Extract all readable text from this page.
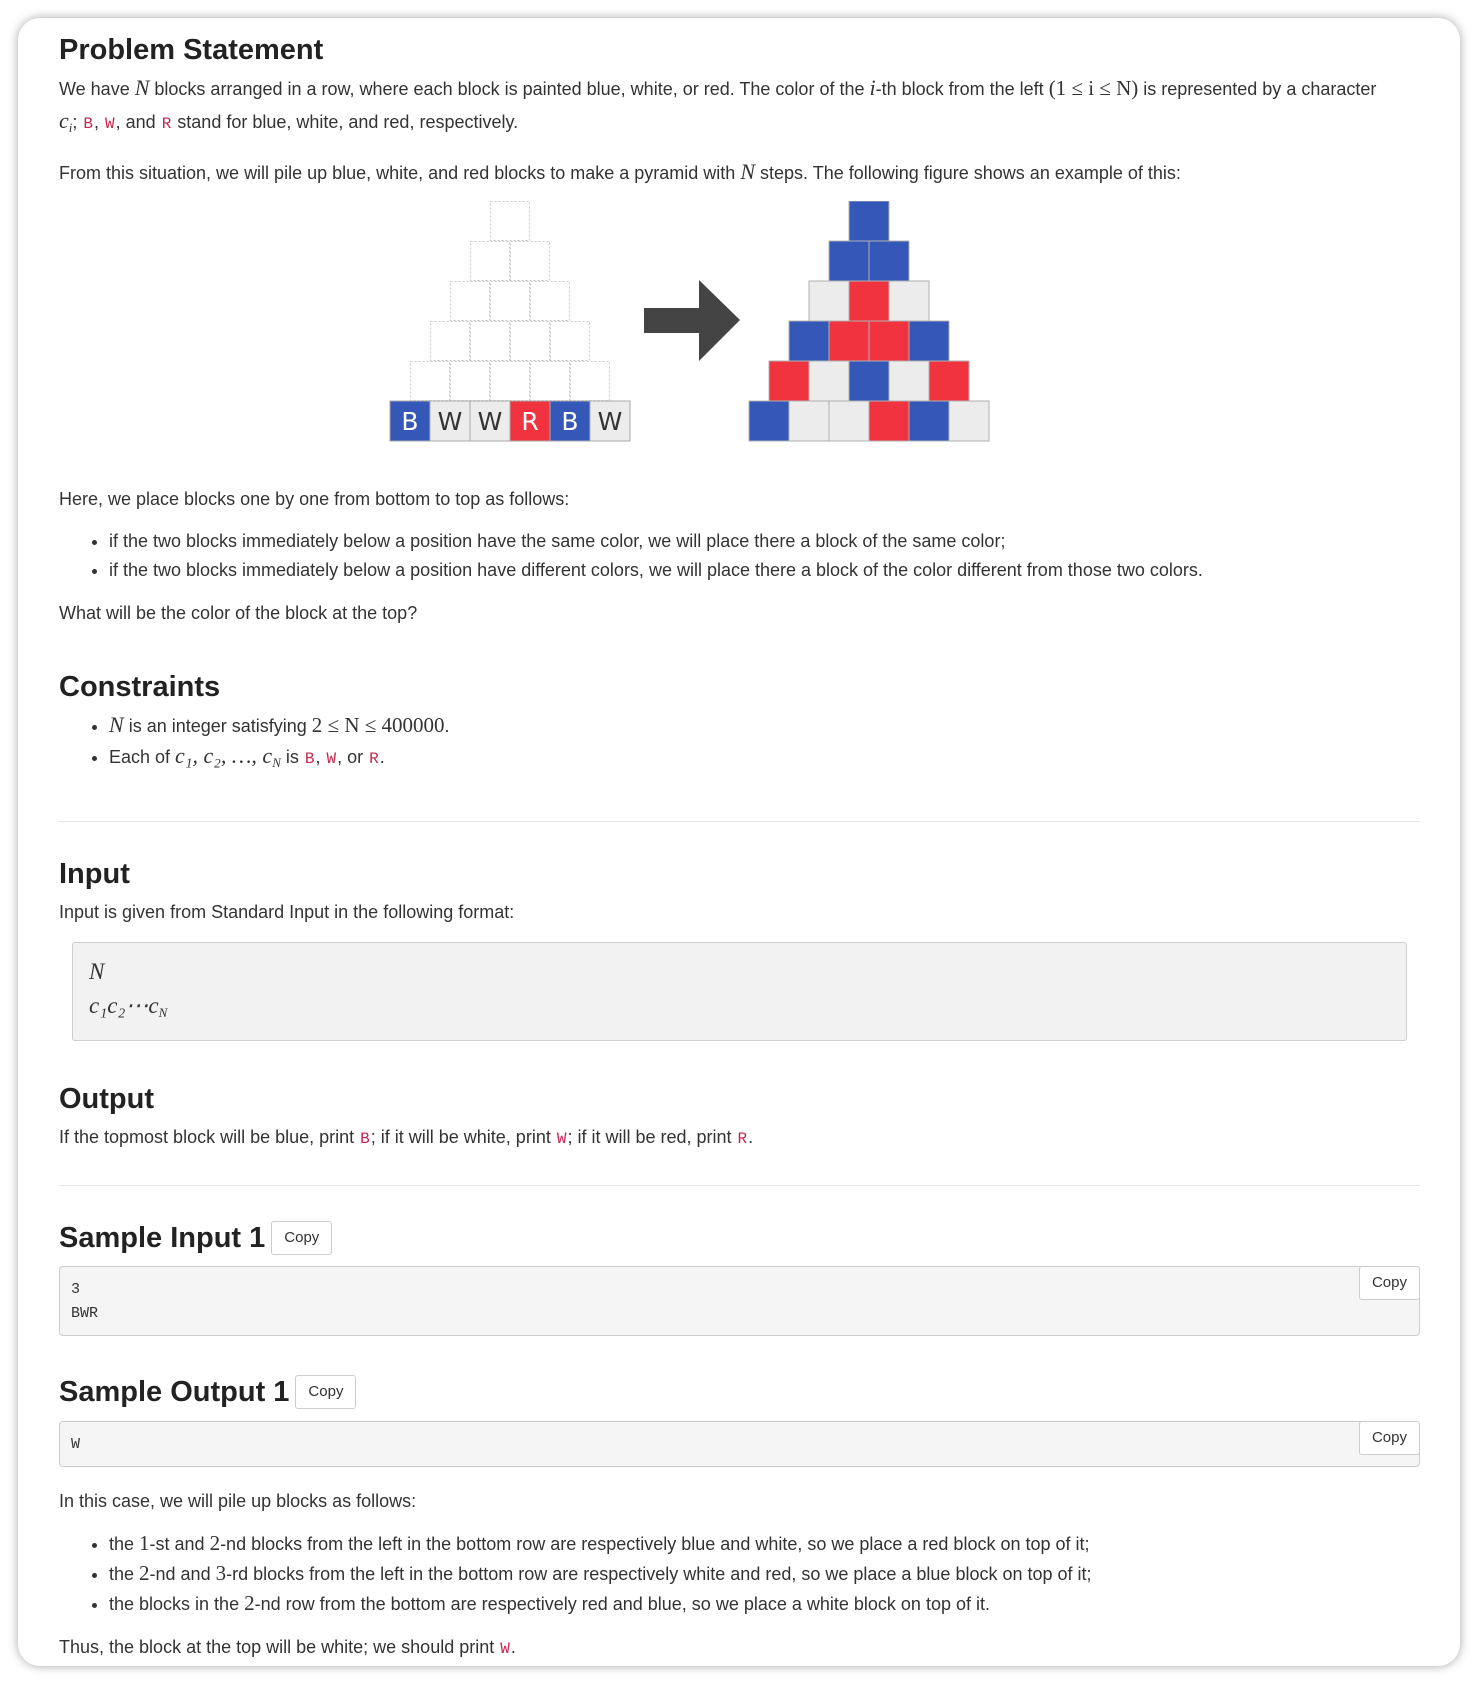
Problem Statement

We have N blocks arranged in a row, where each block is painted blue, white, or red. The color of the i-th block from the left (1 ≤ i ≤ N) is represented by a character
$c_i$; B, W, and R stand for blue, white, and red, respectively.

From this situation, we will pile up blue, white, and red blocks to make a pyramid with N steps. The following figure shows an example of this:

B W W R B W

Here, we place blocks one by one from bottom to top as follows:

• if the two blocks immediately below a position have the same color, we will place there a block of the same color;
• if the two blocks immediately below a position have different colors, we will place there a block of the color different from those two colors.

What will be the color of the block at the top?

Constraints
• N is an integer satisfying 2 ≤ N ≤ 400000.
• Each of c₁, c₂, …, $c_N$ is B, W, or R.
Input

Input is given from Standard Input in the following format:

N
$c_1c_2\cdots c_N$
Output

If the topmost block will be blue, print B; if it will be white, print W; if it will be red, print R.

Sample Input 1	Copy
3
BWR
Copy
Sample Output 1	Copy
W	Copy

In this case, we will pile up blocks as follows:

• the 1-st and 2-nd blocks from the left in the bottom row are respectively blue and white, so we place a red block on top of it;
• the 2-nd and 3-rd blocks from the left in the bottom row are respectively white and red, so we place a blue block on top of it;
• the blocks in the 2-nd row from the bottom are respectively red and blue, so we place a white block on top of it.

Thus, the block at the top will be white; we should print W.
